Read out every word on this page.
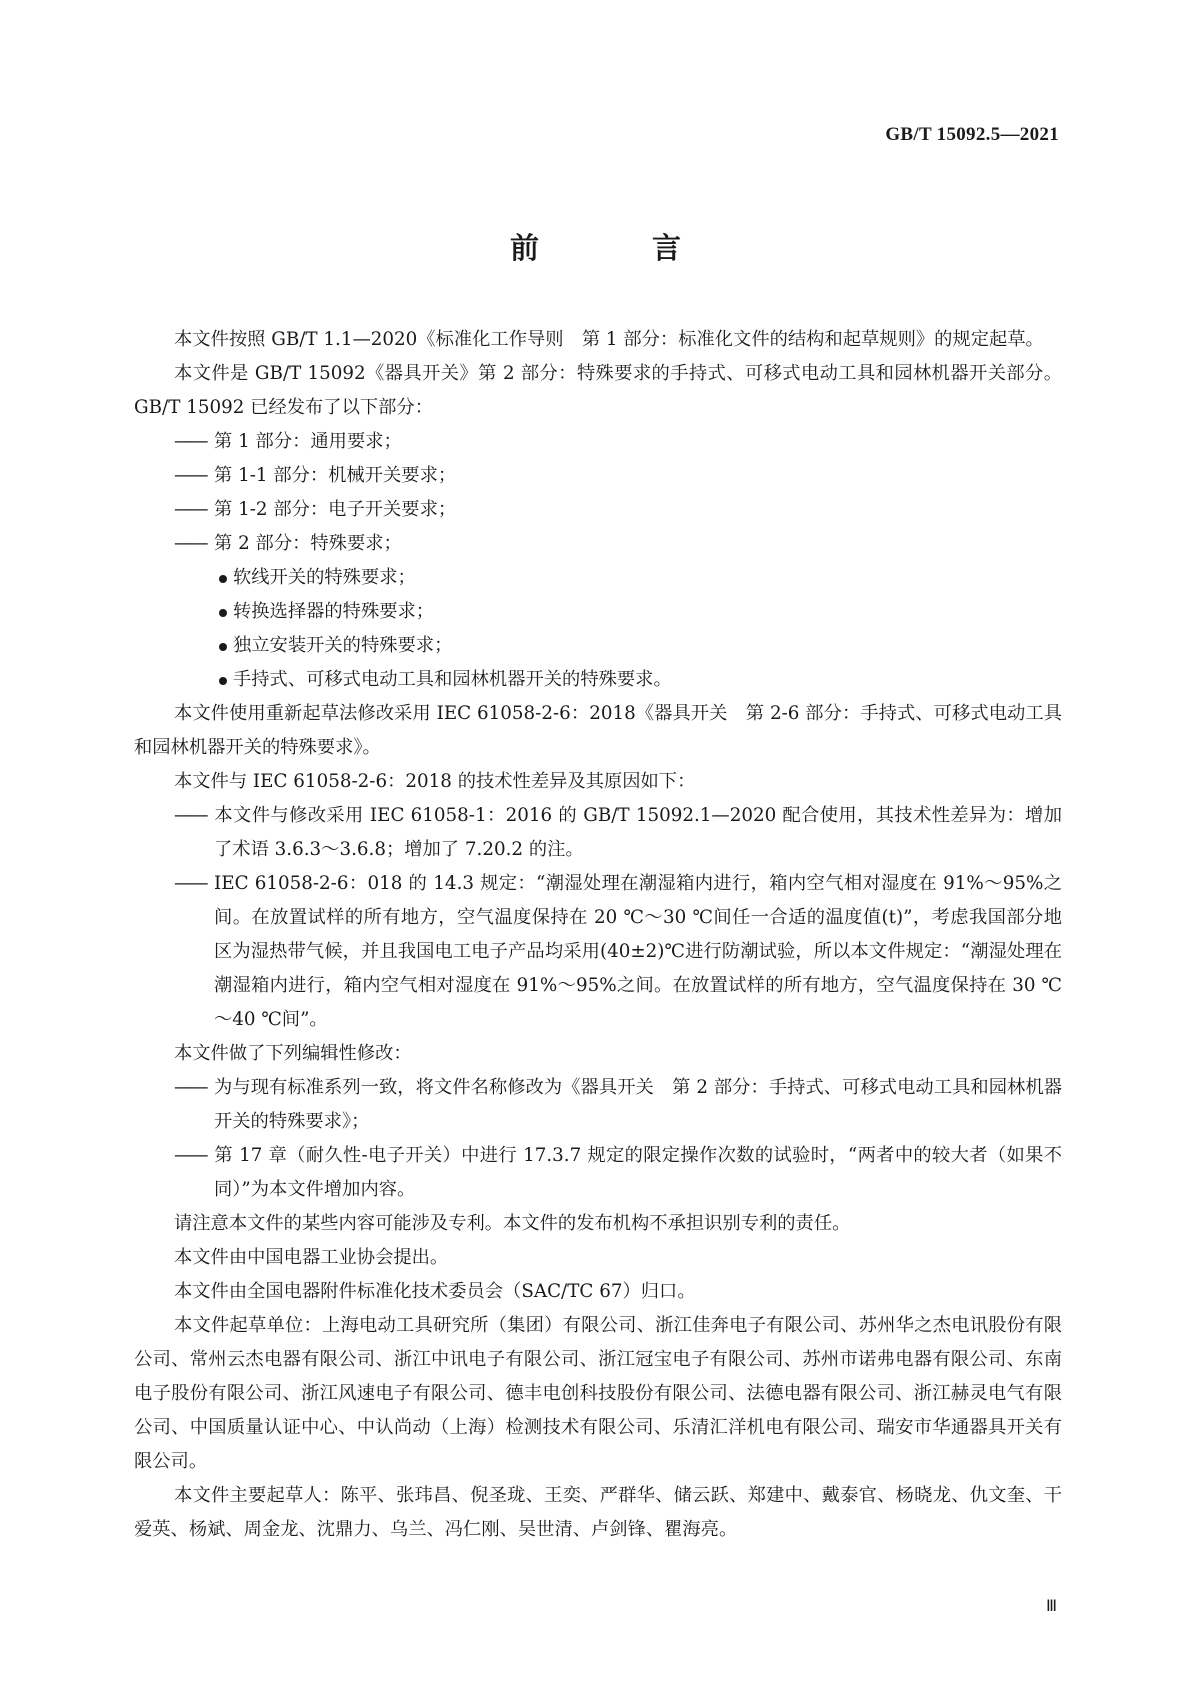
GB/T 15092.5—2021
前　言

本文件按照 GB/T 1.1—2020《标准化工作导则　第 1 部分：标准化文件的结构和起草规则》的规定起草。

本文件是 GB/T 15092《器具开关》第 2 部分：特殊要求的手持式、可移式电动工具和园林机器开关部分。GB/T 15092 已经发布了以下部分：

—— 第 1 部分：通用要求；

—— 第 1-1 部分：机械开关要求；

—— 第 1-2 部分：电子开关要求；

—— 第 2 部分：特殊要求；

软线开关的特殊要求；

转换选择器的特殊要求；

独立安装开关的特殊要求；

手持式、可移式电动工具和园林机器开关的特殊要求。

本文件使用重新起草法修改采用 IEC 61058-2-6：2018《器具开关　第 2-6 部分：手持式、可移式电动工具和园林机器开关的特殊要求》。

本文件与 IEC 61058-2-6：2018 的技术性差异及其原因如下：

—— 本文件与修改采用 IEC 61058-1：2016 的 GB/T 15092.1—2020 配合使用，其技术性差异为：增加了术语 3.6.3～3.6.8；增加了 7.20.2 的注。

—— IEC 61058-2-6：018 的 14.3 规定：“潮湿处理在潮湿箱内进行，箱内空气相对湿度在 91%～95%之间。在放置试样的所有地方，空气温度保持在 20 ℃～30 ℃间任一合适的温度值(t)”，考虑我国部分地区为湿热带气候，并且我国电工电子产品均采用(40±2)℃进行防潮试验，所以本文件规定：“潮湿处理在潮湿箱内进行，箱内空气相对湿度在 91%～95%之间。在放置试样的所有地方，空气温度保持在 30 ℃～40 ℃间”。

本文件做了下列编辑性修改：

—— 为与现有标准系列一致，将文件名称修改为《器具开关　第 2 部分：手持式、可移式电动工具和园林机器开关的特殊要求》；

—— 第 17 章（耐久性-电子开关）中进行 17.3.7 规定的限定操作次数的试验时，“两者中的较大者（如果不同）”为本文件增加内容。

请注意本文件的某些内容可能涉及专利。本文件的发布机构不承担识别专利的责任。

本文件由中国电器工业协会提出。

本文件由全国电器附件标准化技术委员会（SAC/TC 67）归口。

本文件起草单位：上海电动工具研究所（集团）有限公司、浙江佳奔电子有限公司、苏州华之杰电讯股份有限公司、常州云杰电器有限公司、浙江中讯电子有限公司、浙江冠宝电子有限公司、苏州市诺弗电器有限公司、东南电子股份有限公司、浙江风速电子有限公司、德丰电创科技股份有限公司、法德电器有限公司、浙江赫灵电气有限公司、中国质量认证中心、中认尚动（上海）检测技术有限公司、乐清汇洋机电有限公司、瑞安市华通器具开关有限公司。

本文件主要起草人：陈平、张玮昌、倪圣珑、王奕、严群华、储云跃、郑建中、戴泰官、杨晓龙、仇文奎、干爱英、杨斌、周金龙、沈鼎力、乌兰、冯仁刚、吴世清、卢剑锋、瞿海亮。

Ⅲ
